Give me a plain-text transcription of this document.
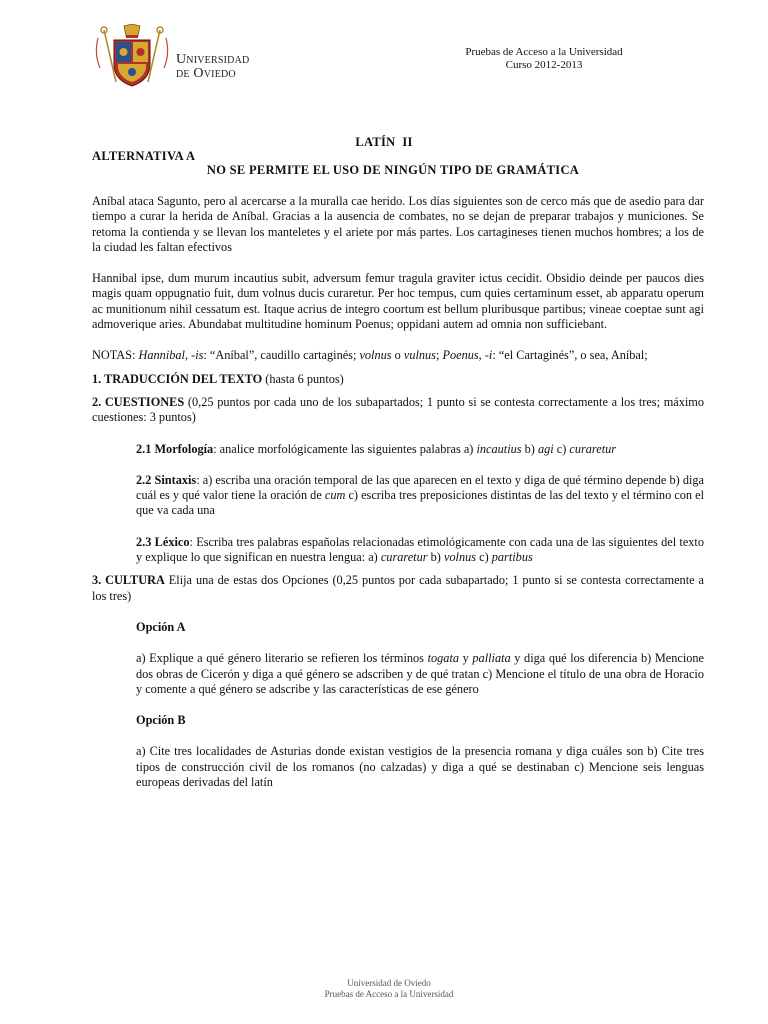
Universidad
de Oviedo
Pruebas de Acceso a la Universidad
Curso 2012-2013
LATÍN  II
ALTERNATIVA A
NO SE PERMITE EL USO DE NINGÚN TIPO DE GRAMÁTICA

Aníbal ataca Sagunto, pero al acercarse a la muralla cae herido. Los días siguientes son de cerco más que de asedio para dar tiempo a curar la herida de Aníbal. Gracias a la ausencia de combates, no se dejan de preparar trabajos y municiones. Se retoma la contienda y se llevan los manteletes y el ariete por más partes. Los cartagineses tienen muchos hombres; a los de la ciudad les faltan efectivos

Hannibal ipse, dum murum incautius subit, adversum femur tragula graviter ictus cecidit. Obsidio deinde per paucos dies magis quam oppugnatio fuit, dum volnus ducis curaretur. Per hoc tempus, cum quies certaminum esset, ab apparatu operum ac munitionum nihil cessatum est. Itaque acrius de integro coortum est bellum pluribusque partibus; vineae coeptae sunt agi admoverique aries. Abundabat multitudine hominum Poenus; oppidani autem ad omnia non sufficiebant.

NOTAS: Hannibal, -is: “Aníbal”, caudillo cartaginés; volnus o vulnus; Poenus, -i: “el Cartaginés”, o sea, Aníbal;

1. TRADUCCIÓN DEL TEXTO (hasta 6 puntos)

2. CUESTIONES (0,25 puntos por cada uno de los subapartados; 1 punto si se contesta correctamente a los tres; máximo cuestiones: 3 puntos)

2.1 Morfología: analice morfológicamente las siguientes palabras a) incautius b) agi c) curaretur

2.2 Sintaxis: a) escriba una oración temporal de las que aparecen en el texto y diga de qué término depende b) diga cuál es y qué valor tiene la oración de cum c) escriba tres preposiciones distintas de las del texto y el término con el que va cada una

2.3 Léxico: Escriba tres palabras españolas relacionadas etimológicamente con cada una de las siguientes del texto y explique lo que significan en nuestra lengua: a) curaretur b) volnus c) partibus

3. CULTURA Elija una de estas dos Opciones (0,25 puntos por cada subapartado; 1 punto si se contesta correctamente a los tres)

Opción A

a) Explique a qué género literario se refieren los términos togata y palliata y diga qué los diferencia b) Mencione dos obras de Cicerón y diga a qué género se adscriben y de qué tratan c) Mencione el título de una obra de Horacio y comente a qué género se adscribe y las características de ese género

Opción B

a) Cite tres localidades de Asturias donde existan vestigios de la presencia romana y diga cuáles son b) Cite tres tipos de construcción civil de los romanos (no calzadas) y diga a qué se destinaban c) Mencione seis lenguas europeas derivadas del latín

Universidad de Oviedo
Pruebas de Acceso a la Universidad
